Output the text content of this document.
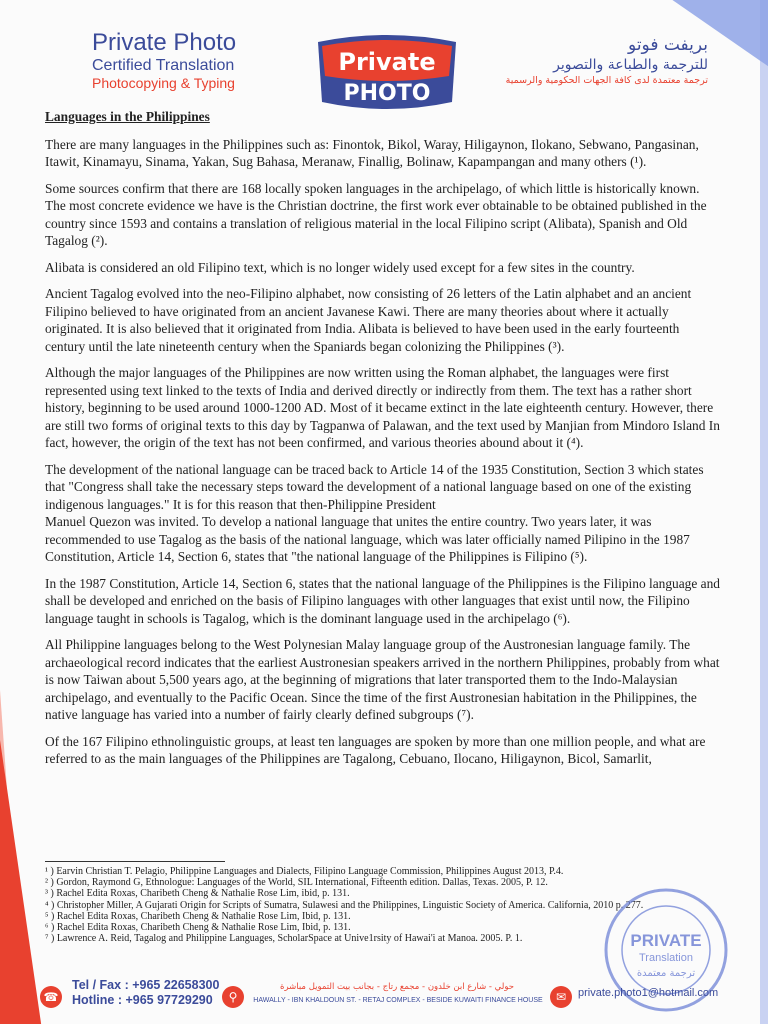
Private Photo
Certified Translation
Photocopying & Typing
Private
PHOTO
بريفت فوتو
للترجمة والطباعة والتصوير
ترجمة معتمدة لدى كافة الجهات الحكومية والرسمية

Languages in the Philippines

There are many languages in the Philippines such as: Finontok, Bikol, Waray, Hiligaynon, Ilokano, Sebwano, Pangasinan, Itawit, Kinamayu, Sinama, Yakan, Sug Bahasa, Meranaw, Finallig, Bolinaw, Kapampangan and many others (¹).

Some sources confirm that there are 168 locally spoken languages in the archipelago, of which little is historically known. The most concrete evidence we have is the Christian doctrine, the first work ever obtainable to be obtained published in the country since 1593 and contains a translation of religious material in the local Filipino script (Alibata), Spanish and Old Tagalog (²).

Alibata is considered an old Filipino text, which is no longer widely used except for a few sites in the country.

Ancient Tagalog evolved into the neo-Filipino alphabet, now consisting of 26 letters of the Latin alphabet and an ancient Filipino believed to have originated from an ancient Javanese Kawi. There are many theories about where it actually originated. It is also believed that it originated from India. Alibata is believed to have been used in the early fourteenth century until the late nineteenth century when the Spaniards began colonizing the Philippines (³).

Although the major languages of the Philippines are now written using the Roman alphabet, the languages were first represented using text linked to the texts of India and derived directly or indirectly from them. The text has a rather short history, beginning to be used around 1000-1200 AD. Most of it became extinct in the late eighteenth century. However, there are still two forms of original texts to this day by Tagpanwa of Palawan, and the text used by Manjian from Mindoro Island In fact, however, the origin of the text has not been confirmed, and various theories abound about it (⁴).

The development of the national language can be traced back to Article 14 of the 1935 Constitution, Section 3 which states that "Congress shall take the necessary steps toward the development of a national language based on one of the existing indigenous languages." It is for this reason that then-Philippine President
Manuel Quezon was invited. To develop a national language that unites the entire country. Two years later, it was recommended to use Tagalog as the basis of the national language, which was later officially named Pilipino in the 1987 Constitution, Article 14, Section 6, states that "the national language of the Philippines is Filipino (⁵).

In the 1987 Constitution, Article 14, Section 6, states that the national language of the Philippines is the Filipino language and shall be developed and enriched on the basis of Filipino languages with other languages that exist until now, the Filipino language taught in schools is Tagalog, which is the dominant language used in the archipelago (⁶).

All Philippine languages belong to the West Polynesian Malay language group of the Austronesian language family. The archaeological record indicates that the earliest Austronesian speakers arrived in the northern Philippines, probably from what is now Taiwan about 5,500 years ago, at the beginning of migrations that later transported them to the Indo-Malaysian archipelago, and eventually to the Pacific Ocean. Since the time of the first Austronesian habitation in the Philippines, the native language has varied into a number of fairly clearly defined subgroups (⁷).

Of the 167 Filipino ethnolinguistic groups, at least ten languages are spoken by more than one million people, and what are referred to as the main languages of the Philippines are Tagalong, Cebuano, Ilocano, Hiligaynon, Bicol, Samarlit,

¹ ) Earvin Christian T. Pelagio, Philippine Languages and Dialects, Filipino Language Commission, Philippines August 2013, P.4.

² ) Gordon, Raymond G, Ethnologue: Languages of the World, SIL International, Fifteenth edition. Dallas, Texas. 2005, P. 12.

³ ) Rachel Edita Roxas, Charibeth Cheng & Nathalie Rose Lim, ibid, p. 131.

⁴ ) Christopher Miller, A Gujarati Origin for Scripts of Sumatra, Sulawesi and the Philippines, Linguistic Society of America. California, 2010 p. 277.

⁵ ) Rachel Edita Roxas, Charibeth Cheng & Nathalie Rose Lim, Ibid, p. 131.

⁶ ) Rachel Edita Roxas, Charibeth Cheng & Nathalie Rose Lim, Ibid, p. 131.

⁷ ) Lawrence A. Reid, Tagalog and Philippine Languages, ScholarSpace at Unive1rsity of Hawai'i at Manoa. 2005. P. 1.	PRIVATE
Translation
ترجمة معتمدة
☎
Tel / Fax : +965 22658300
Hotline : +965 97729290	⚲
حولي - شارع ابن خلدون - مجمع رتاج - بجانب بيت التمويل مباشرة
HAWALLY - IBN KHALDOUN ST. - RETAJ COMPLEX - BESIDE KUWAITI FINANCE HOUSE	✉	private.photo1@hotmail.com
